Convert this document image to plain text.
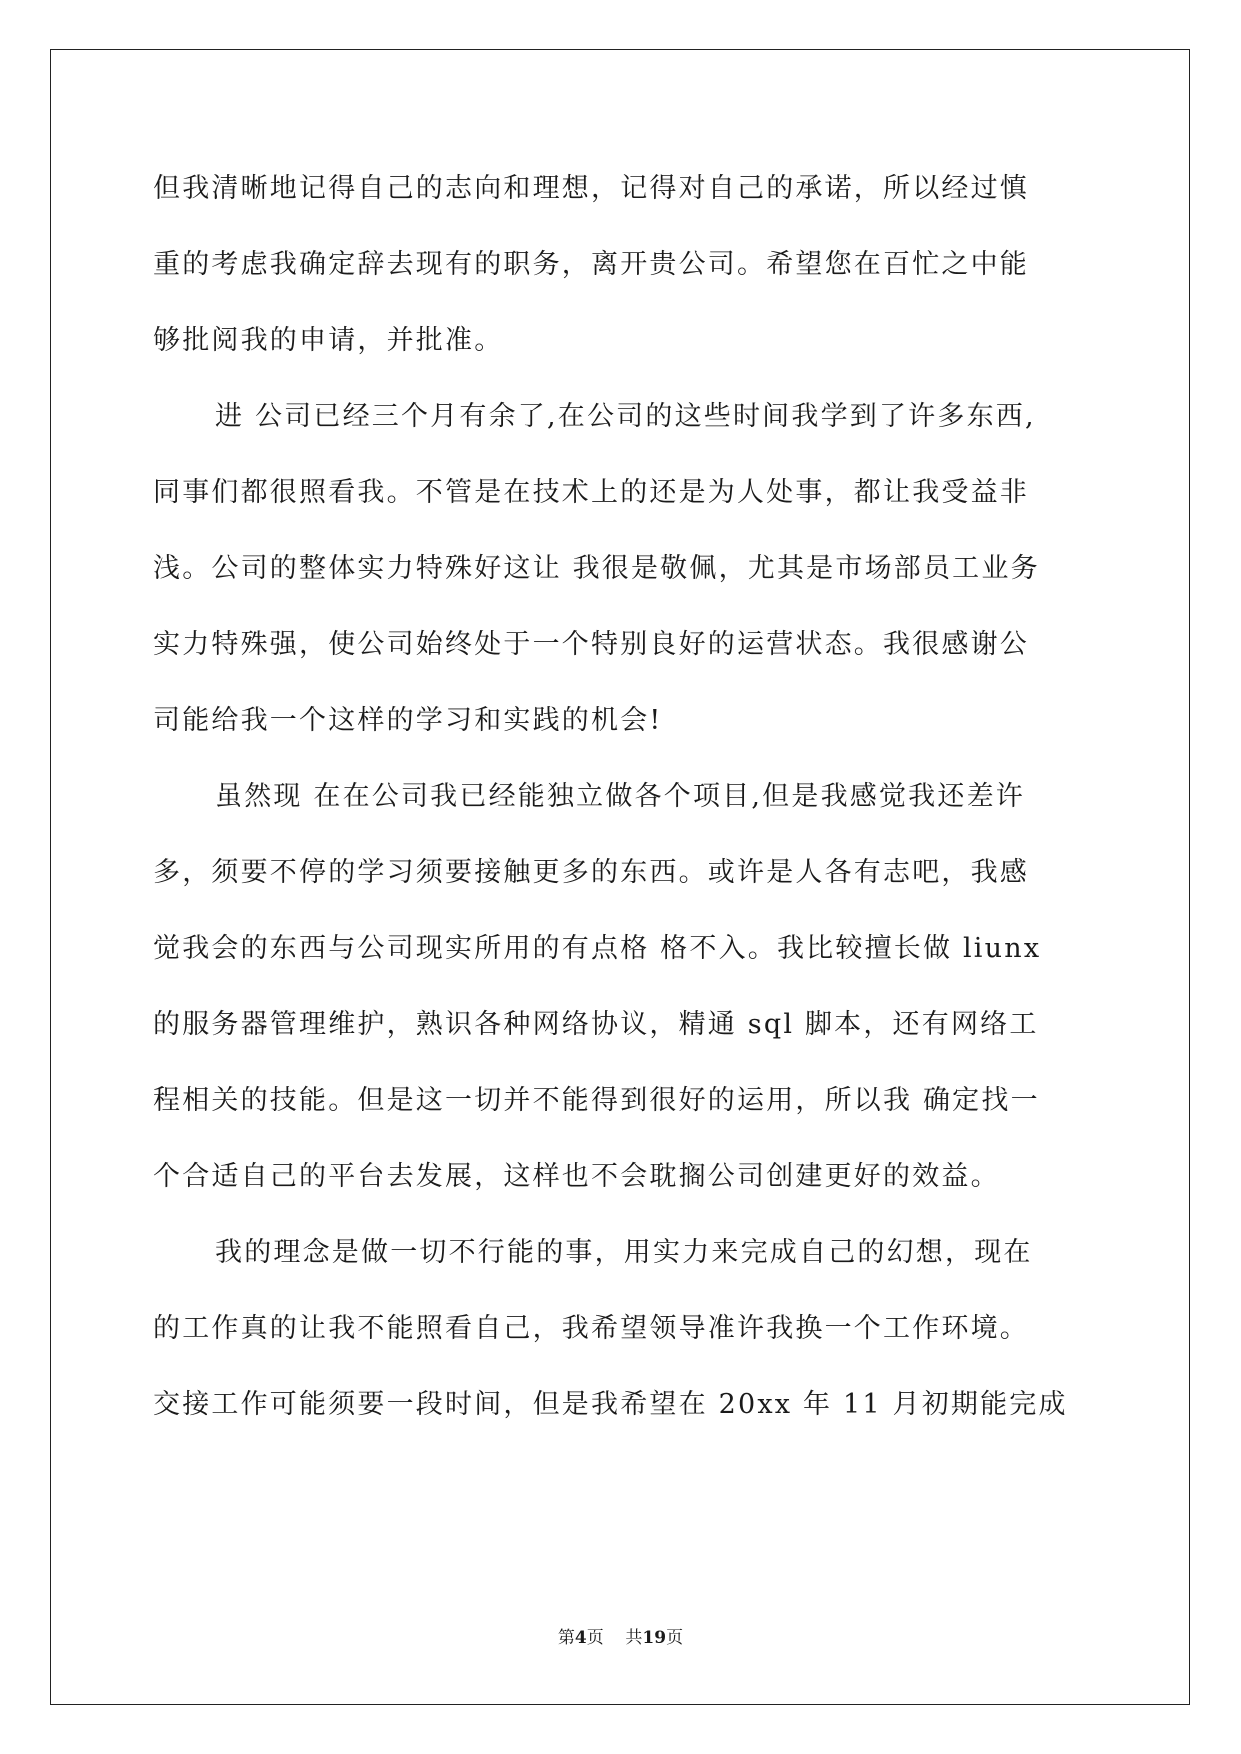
但我清晰地记得自己的志向和理想，记得对自己的承诺，所以经过慎
重的考虑我确定辞去现有的职务，离开贵公司。希望您在百忙之中能
够批阅我的申请，并批准。
进 公司已经三个月有余了,在公司的这些时间我学到了许多东西,
同事们都很照看我。不管是在技术上的还是为人处事，都让我受益非
浅。公司的整体实力特殊好这让 我很是敬佩，尤其是市场部员工业务
实力特殊强，使公司始终处于一个特别良好的运营状态。我很感谢公
司能给我一个这样的学习和实践的机会!
虽然现 在在公司我已经能独立做各个项目,但是我感觉我还差许
多，须要不停的学习须要接触更多的东西。或许是人各有志吧，我感
觉我会的东西与公司现实所用的有点格 格不入。我比较擅长做 liunx
的服务器管理维护，熟识各种网络协议，精通 sql 脚本，还有网络工
程相关的技能。但是这一切并不能得到很好的运用，所以我 确定找一
个合适自己的平台去发展，这样也不会耽搁公司创建更好的效益。
我的理念是做一切不行能的事，用实力来完成自己的幻想，现在
的工作真的让我不能照看自己，我希望领导准许我换一个工作环境。
交接工作可能须要一段时间，但是我希望在 20xx 年 11 月初期能完成
第4页 共19页
